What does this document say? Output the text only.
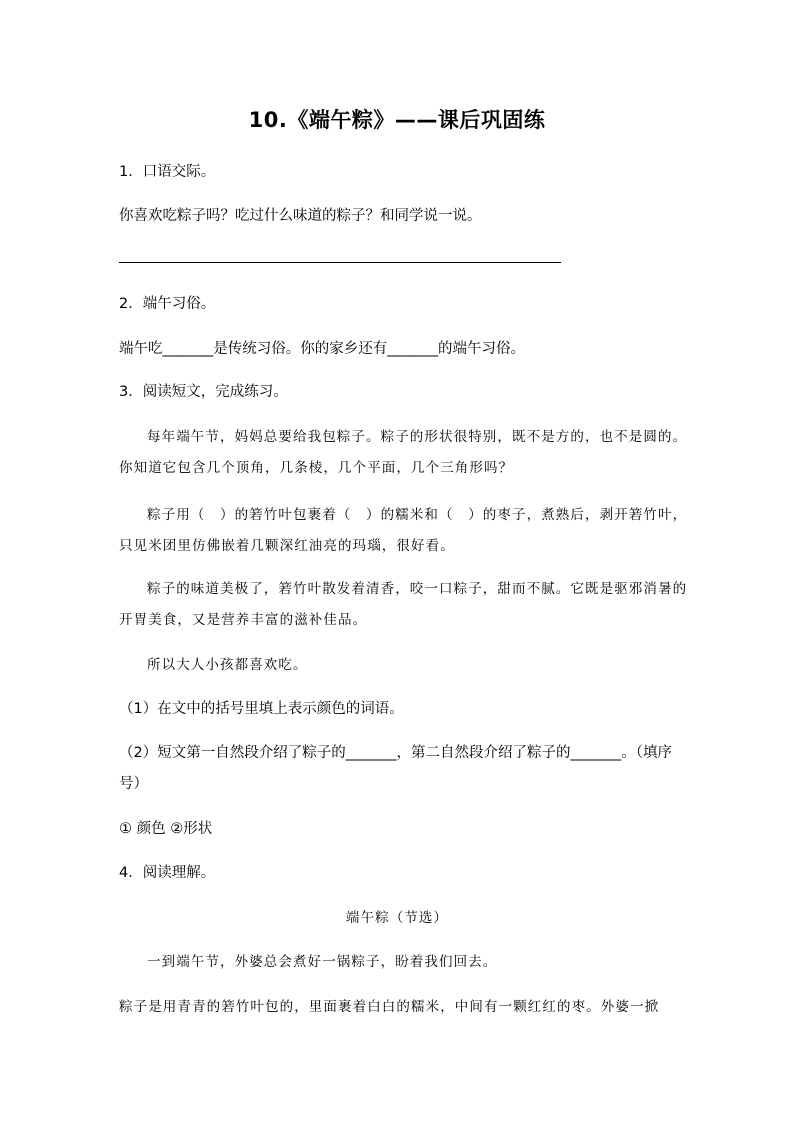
10.《端午粽》——课后巩固练
1．口语交际。
你喜欢吃粽子吗？吃过什么味道的粽子？和同学说一说。
2．端午习俗。
端午吃_______是传统习俗。你的家乡还有_______的端午习俗。
3．阅读短文，完成练习。
每年端午节，妈妈总要给我包粽子。粽子的形状很特别，既不是方的，也不是圆的。
你知道它包含几个顶角，几条棱，几个平面，几个三角形吗？
粽子用（　）的箬竹叶包裹着（　）的糯米和（　）的枣子，煮熟后，剥开箬竹叶，
只见米团里仿佛嵌着几颗深红油亮的玛瑙，很好看。
粽子的味道美极了，箬竹叶散发着清香，咬一口粽子，甜而不腻。它既是驱邪消暑的
开胃美食，又是营养丰富的滋补佳品。
所以大人小孩都喜欢吃。
（1）在文中的括号里填上表示颜色的词语。
（2）短文第一自然段介绍了粽子的_______，第二自然段介绍了粽子的_______。（填序
号）
① 颜色 ②形状
4．阅读理解。
端午粽（节选）
一到端午节，外婆总会煮好一锅粽子，盼着我们回去。
粽子是用青青的箬竹叶包的，里面裹着白白的糯米，中间有一颗红红的枣。外婆一掀
